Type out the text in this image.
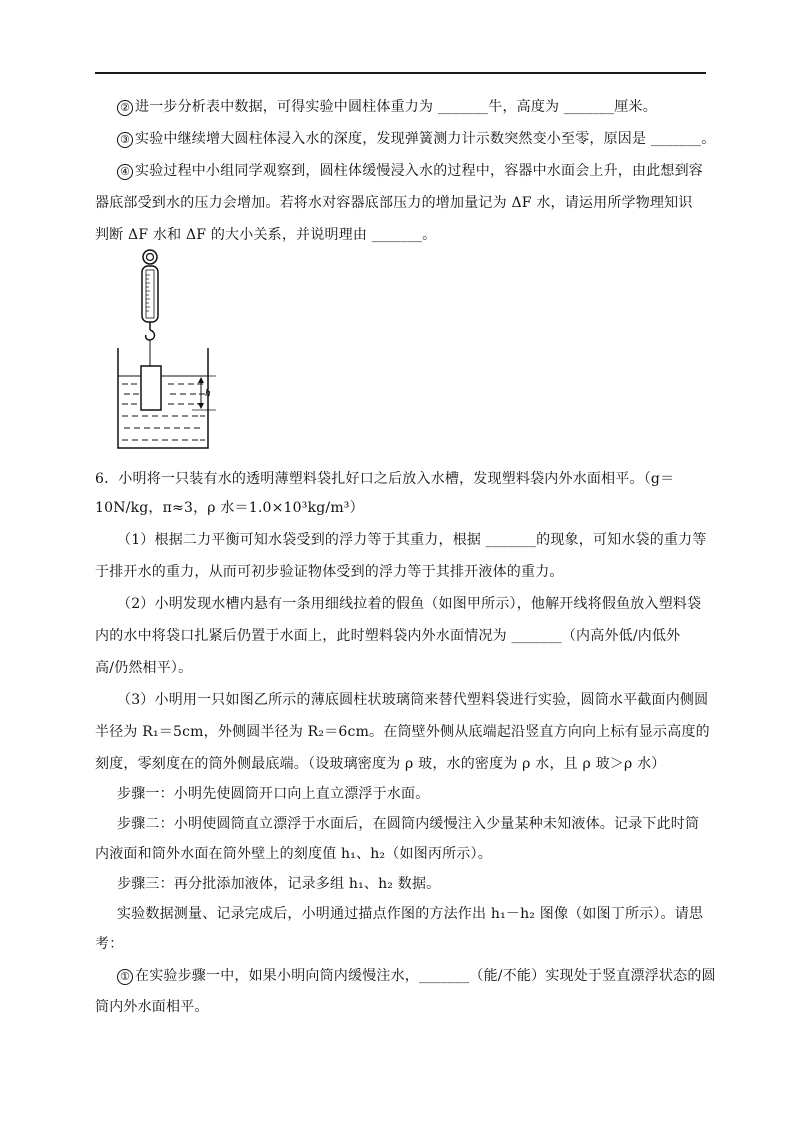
② 进一步分析表中数据，可得实验中圆柱体重力为 _______牛，高度为 _______厘米。
③ 实验中继续增大圆柱体浸入水的深度，发现弹簧测力计示数突然变小至零，原因是 _______。
④ 实验过程中小组同学观察到，圆柱体缓慢浸入水的过程中，容器中水面会上升，由此想到容
器底部受到水的压力会增加。若将水对容器底部压力的增加量记为 ΔF 水，请运用所学物理知识
判断 ΔF 水和 ΔF 的大小关系，并说明理由 _______。
h
6．小明将一只装有水的透明薄塑料袋扎好口之后放入水槽，发现塑料袋内外水面相平。（g＝
10N/kg，π≈3，ρ 水＝1.0×10³kg/m³）
（1）根据二力平衡可知水袋受到的浮力等于其重力，根据 _______的现象，可知水袋的重力等
于排开水的重力，从而可初步验证物体受到的浮力等于其排开液体的重力。
（2）小明发现水槽内悬有一条用细线拉着的假鱼（如图甲所示），他解开线将假鱼放入塑料袋
内的水中将袋口扎紧后仍置于水面上，此时塑料袋内外水面情况为 _______（内高外低/内低外
高/仍然相平）。
（3）小明用一只如图乙所示的薄底圆柱状玻璃筒来替代塑料袋进行实验，圆筒水平截面内侧圆
半径为 R₁＝5cm，外侧圆半径为 R₂＝6cm。在筒壁外侧从底端起沿竖直方向向上标有显示高度的
刻度，零刻度在的筒外侧最底端。（设玻璃密度为 ρ 玻，水的密度为 ρ 水，且 ρ 玻＞ρ 水）
步骤一：小明先使圆筒开口向上直立漂浮于水面。
步骤二：小明使圆筒直立漂浮于水面后，在圆筒内缓慢注入少量某种未知液体。记录下此时筒
内液面和筒外水面在筒外壁上的刻度值 h₁、h₂（如图丙所示）。
步骤三：再分批添加液体，记录多组 h₁、h₂ 数据。
实验数据测量、记录完成后，小明通过描点作图的方法作出 h₁－h₂ 图像（如图丁所示）。请思
考：
① 在实验步骤一中，如果小明向筒内缓慢注水，_______（能/不能）实现处于竖直漂浮状态的圆
筒内外水面相平。
